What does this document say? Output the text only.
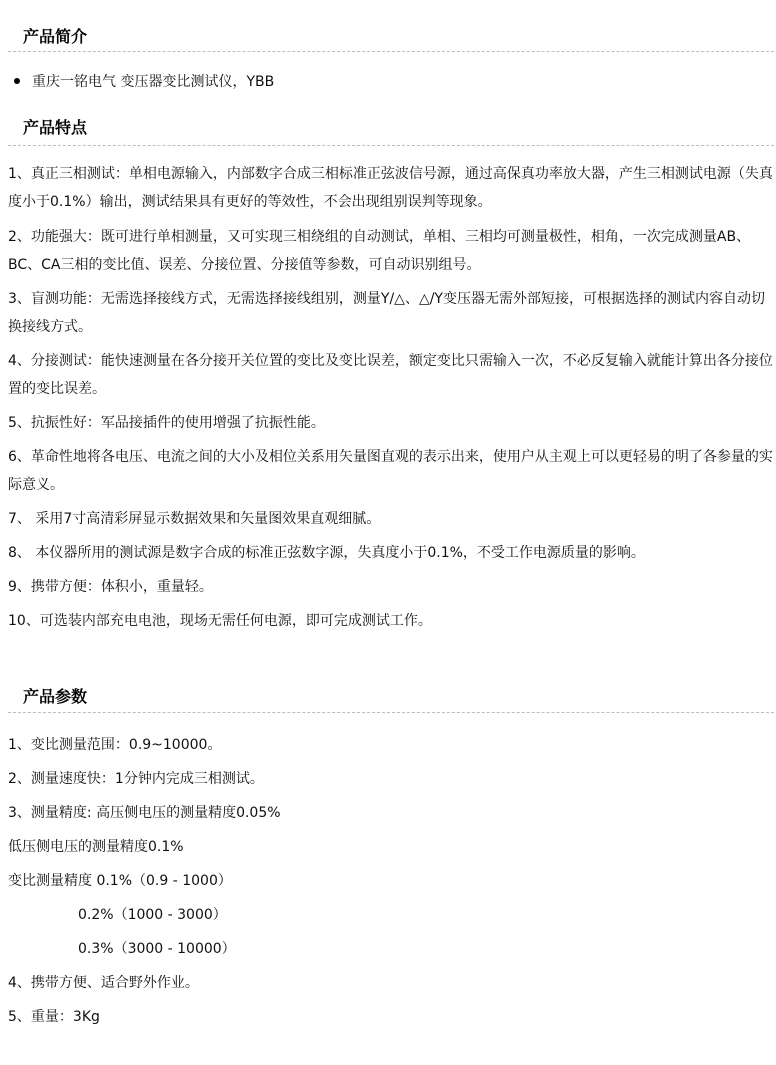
产品简介
重庆一铭电气 变压器变比测试仪，YBB
产品特点

1、真正三相测试：单相电源输入，内部数字合成三相标准正弦波信号源，通过高保真功率放大器，产生三相测试电源（失真度小于0.1%）输出，测试结果具有更好的等效性，不会出现组别误判等现象。

2、功能强大：既可进行单相测量，又可实现三相绕组的自动测试，单相、三相均可测量极性，相角，一次完成测量AB、BC、CA三相的变比值、误差、分接位置、分接值等参数，可自动识别组号。

3、盲测功能：无需选择接线方式，无需选择接线组别，测量Y/△、△/Y变压器无需外部短接，可根据选择的测试内容自动切换接线方式。

4、分接测试：能快速测量在各分接开关位置的变比及变比误差，额定变比只需输入一次，不必反复输入就能计算出各分接位置的变比误差。

5、抗振性好：军品接插件的使用增强了抗振性能。

6、革命性地将各电压、电流之间的大小及相位关系用矢量图直观的表示出来，使用户从主观上可以更轻易的明了各参量的实际意义。

7、 采用7寸高清彩屏显示数据效果和矢量图效果直观细腻。

8、 本仪器所用的测试源是数字合成的标准正弦数字源，失真度小于0.1%，不受工作电源质量的影响。

9、携带方便：体积小，重量轻。

10、可选装内部充电电池，现场无需任何电源，即可完成测试工作。

产品参数
1、变比测量范围：0.9~10000。
2、测量速度快：1分钟内完成三相测试。
3、测量精度: 高压侧电压的测量精度0.05%
低压侧电压的测量精度0.1%
变比测量精度 0.1%（0.9 - 1000）
0.2%（1000 - 3000）
0.3%（3000 - 10000）
4、携带方便、适合野外作业。
5、重量：3Kg
